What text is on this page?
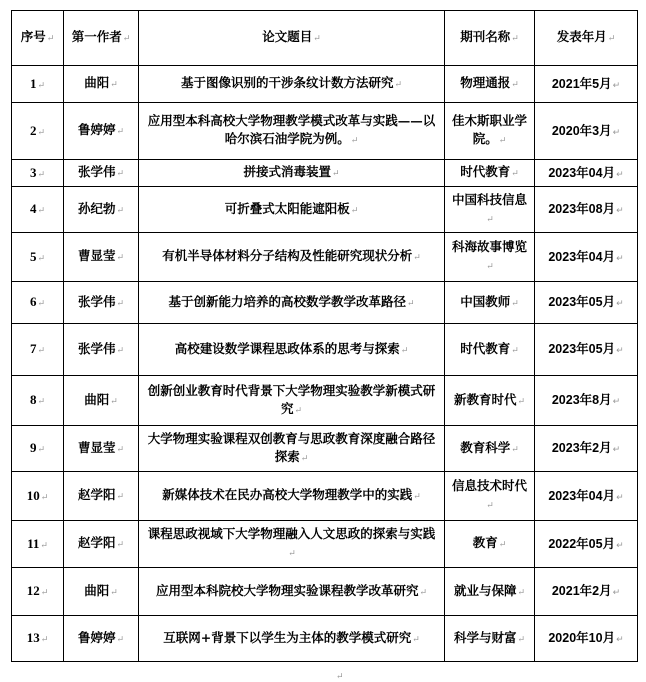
序号↵	第一作者↵	论文题目↵	期刊名称↵	发表年月↵
1↵	曲阳↵	基于图像识别的干涉条纹计数方法研究↵	物理通报↵	2021年5月↵
2↵	鲁婷婷↵	应用型本科高校大学物理教学模式改革与实践——以哈尔滨石油学院为例。↵	佳木斯职业学院。↵	2020年3月↵
3↵	张学伟↵	拼接式消毒装置↵	时代教育↵	2023年04月↵
4↵	孙纪勃↵	可折叠式太阳能遮阳板↵	中国科技信息↵	2023年08月↵
5↵	曹显莹↵	有机半导体材料分子结构及性能研究现状分析↵	科海故事博览↵	2023年04月↵
6↵	张学伟↵	基于创新能力培养的高校数学教学改革路径↵	中国教师↵	2023年05月↵
7↵	张学伟↵	高校建设数学课程思政体系的思考与探索↵	时代教育↵	2023年05月↵
8↵	曲阳↵	创新创业教育时代背景下大学物理实验教学新模式研究↵	新教育时代↵	2023年8月↵
9↵	曹显莹↵	大学物理实验课程双创教育与思政教育深度融合路径探索↵	教育科学↵	2023年2月↵
10↵	赵学阳↵	新媒体技术在民办高校大学物理教学中的实践↵	信息技术时代↵	2023年04月↵
11↵	赵学阳↵	课程思政视域下大学物理融入人文思政的探索与实践↵	教育↵	2022年05月↵
12↵	曲阳↵	应用型本科院校大学物理实验课程教学改革研究↵	就业与保障↵	2021年2月↵
13↵	鲁婷婷↵	互联网+背景下以学生为主体的教学模式研究↵	科学与财富↵	2020年10月↵
↵
